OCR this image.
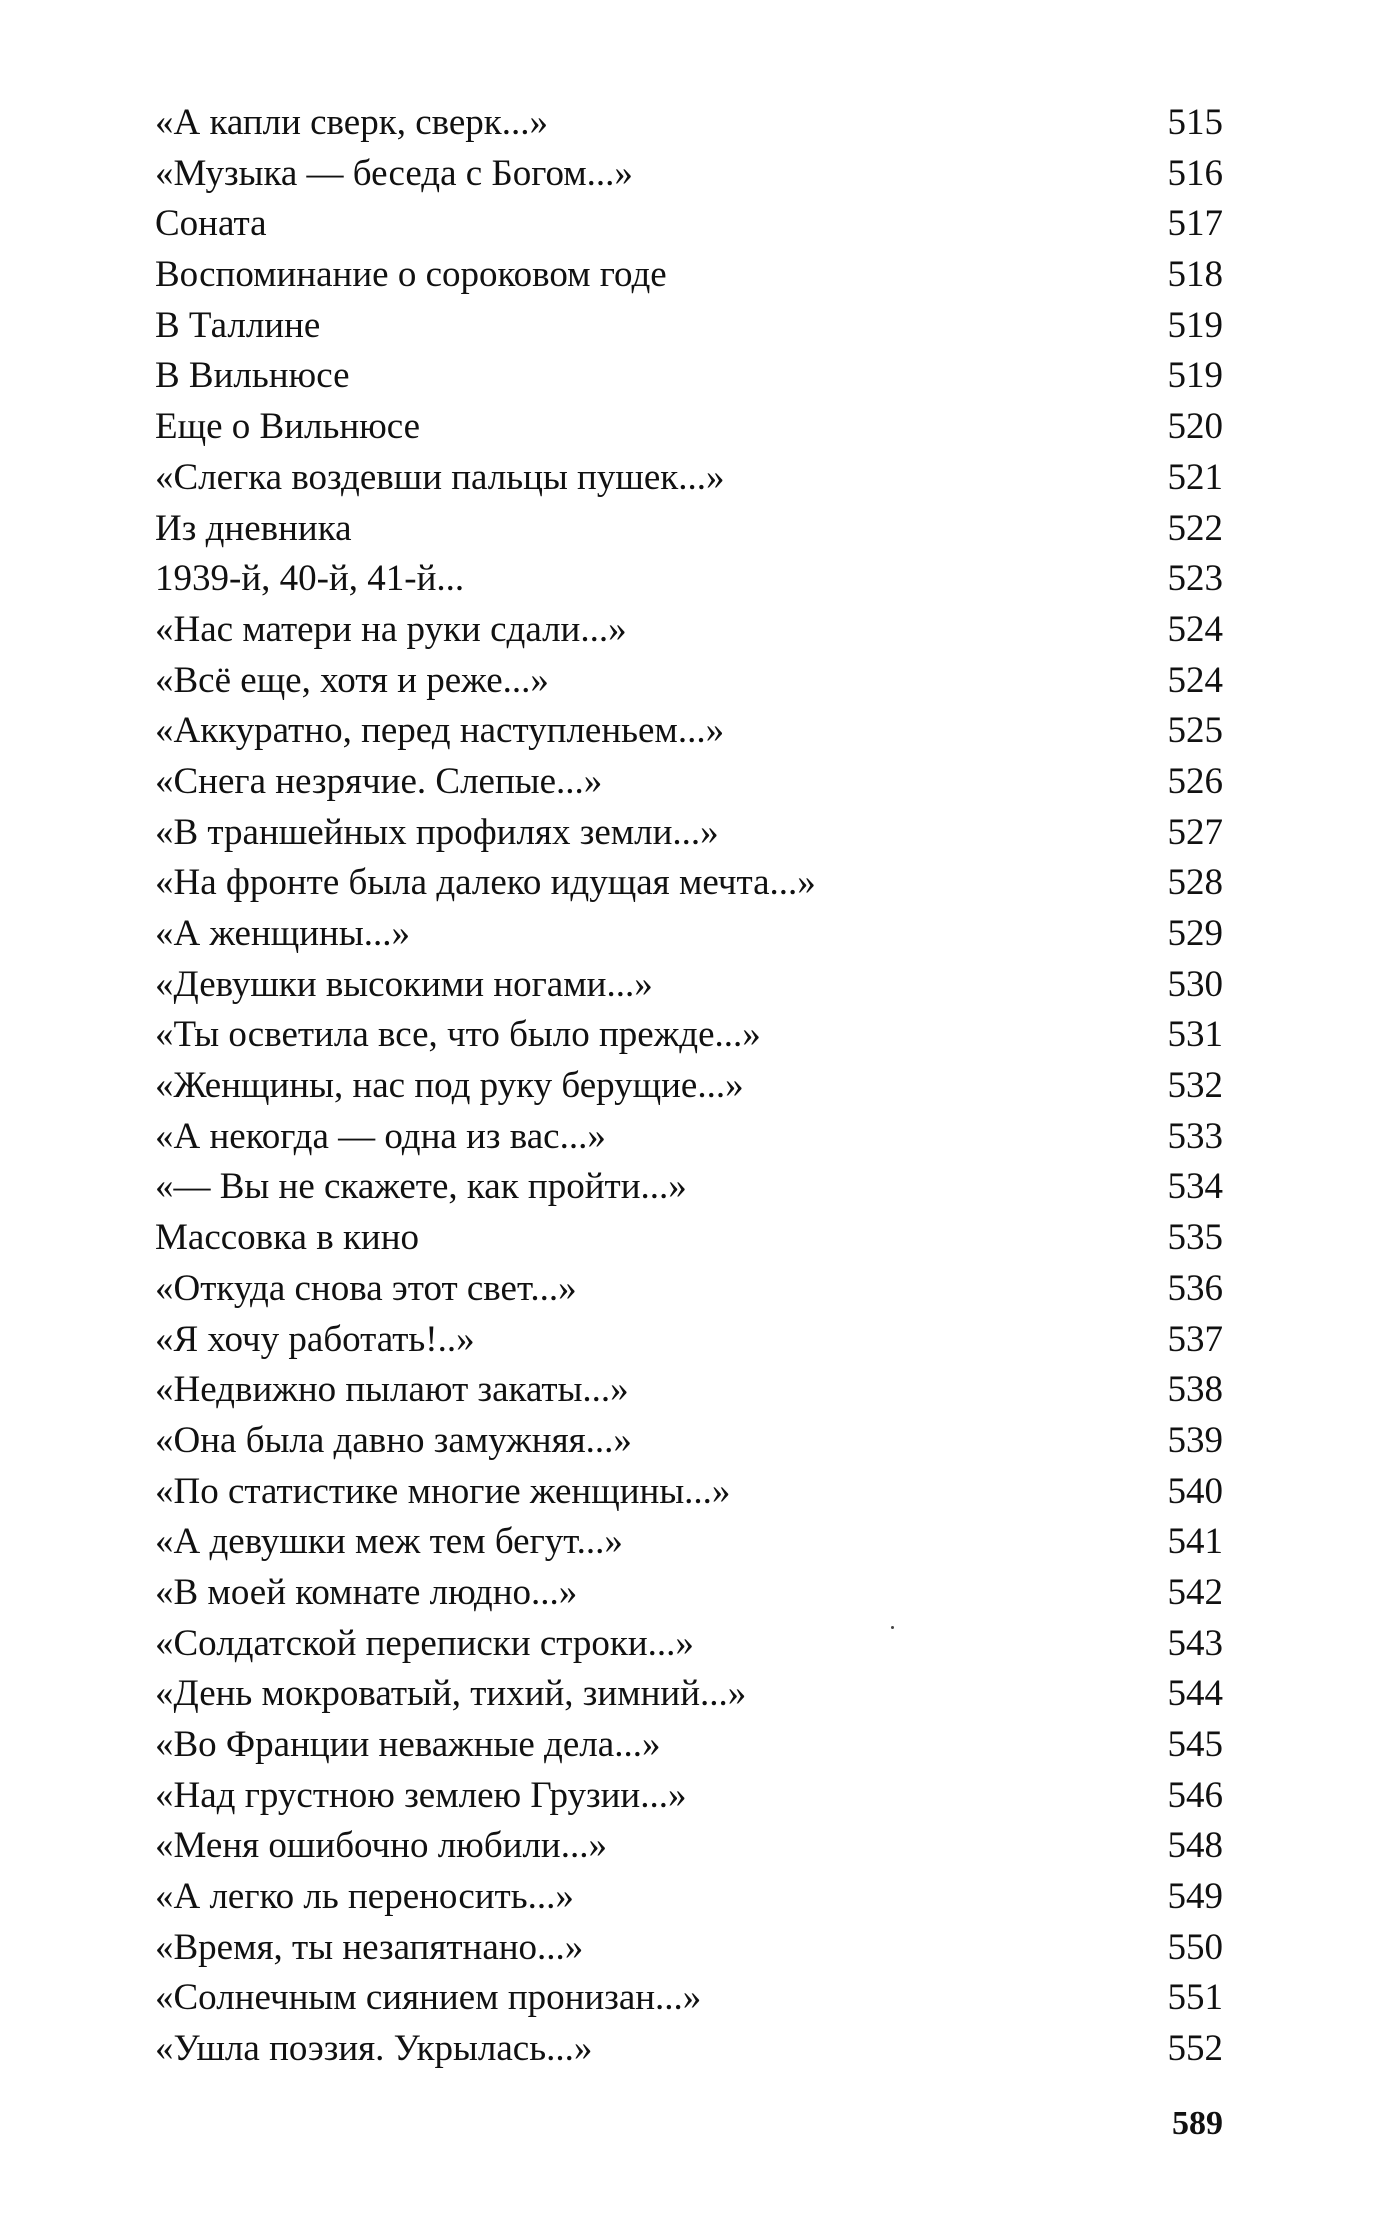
«А капли сверк, сверк...»	515
«Музыка — беседа с Богом...»	516
Соната	517
Воспоминание о сороковом годе	518
В Таллине	519
В Вильнюсе	519
Еще о Вильнюсе	520
«Слегка воздевши пальцы пушек...»	521
Из дневника	522
1939-й, 40-й, 41-й...	523
«Нас матери на руки сдали...»	524
«Всё еще, хотя и реже...»	524
«Аккуратно, перед наступленьем...»	525
«Снега незрячие. Слепые...»	526
«В траншейных профилях земли...»	527
«На фронте была далеко идущая мечта...»	528
«А женщины...»	529
«Девушки высокими ногами...»	530
«Ты осветила все, что было прежде...»	531
«Женщины, нас под руку берущие...»	532
«А некогда — одна из вас...»	533
«— Вы не скажете, как пройти...»	534
Массовка в кино	535
«Откуда снова этот свет...»	536
«Я хочу работать!..»	537
«Недвижно пылают закаты...»	538
«Она была давно замужняя...»	539
«По статистике многие женщины...»	540
«А девушки меж тем бегут...»	541
«В моей комнате людно...»	542
«Солдатской переписки строки...»	543
«День мокроватый, тихий, зимний...»	544
«Во Франции неважные дела...»	545
«Над грустною землею Грузии...»	546
«Меня ошибочно любили...»	548
«А легко ль переносить...»	549
«Время, ты незапятнано...»	550
«Солнечным сиянием пронизан...»	551
«Ушла поэзия. Укрылась...»	552
589
